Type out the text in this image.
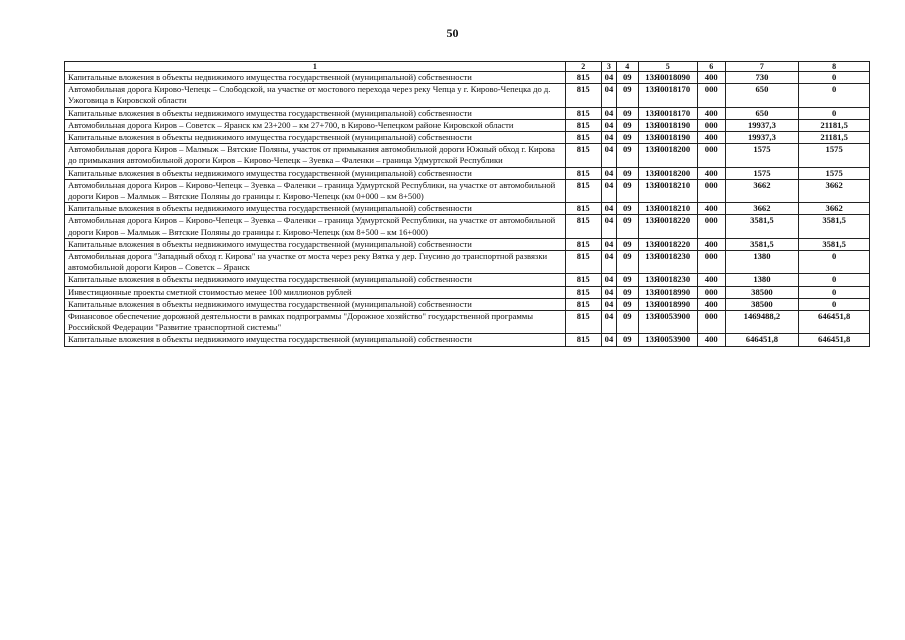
50
1	2	3	4	5	6	7	8
Капитальные вложения в объекты недвижимого имущества государственной (муниципальной) собственности	815	04	09	13Я0018090	400	730	0
Автомобильная дорога Кирово-Чепецк – Слободской, на участке от мостового перехода через реку Чепца у г. Кирово-Чепецка до д. Ужоговица в Кировской области	815	04	09	13Я0018170	000	650	0
Капитальные вложения в объекты недвижимого имущества государственной (муниципальной) собственности	815	04	09	13Я0018170	400	650	0
Автомобильная дорога Киров – Советск – Яранск км 23+200 – км 27+700, в Кирово-Чепецком районе Кировской области	815	04	09	13Я0018190	000	19937,3	21181,5
Капитальные вложения в объекты недвижимого имущества государственной (муниципальной) собственности	815	04	09	13Я0018190	400	19937,3	21181,5
Автомобильная дорога Киров – Малмыж – Вятские Поляны, участок от примыкания автомобильной дороги Южный обход г. Кирова до примыкания автомобильной дороги Киров – Кирово-Чепецк – Зуевка – Фаленки – граница Удмуртской Республики	815	04	09	13Я0018200	000	1575	1575
Капитальные вложения в объекты недвижимого имущества государственной (муниципальной) собственности	815	04	09	13Я0018200	400	1575	1575
Автомобильная дорога Киров – Кирово-Чепецк – Зуевка – Фаленки – граница Удмуртской Республики, на участке от автомобильной дороги Киров – Малмыж – Вятские Поляны до границы г. Кирово-Чепецк (км 0+000 – км 8+500)	815	04	09	13Я0018210	000	3662	3662
Капитальные вложения в объекты недвижимого имущества государственной (муниципальной) собственности	815	04	09	13Я0018210	400	3662	3662
Автомобильная дорога Киров – Кирово-Чепецк – Зуевка – Фаленки – граница Удмуртской Республики, на участке от автомобильной дороги Киров – Малмыж – Вятские Поляны до границы г. Кирово-Чепецк (км 8+500 – км 16+000)	815	04	09	13Я0018220	000	3581,5	3581,5
Капитальные вложения в объекты недвижимого имущества государственной (муниципальной) собственности	815	04	09	13Я0018220	400	3581,5	3581,5
Автомобильная дорога "Западный обход г. Кирова" на участке от моста через реку Вятка у дер. Гнусино до транспортной развязки автомобильной дороги Киров – Советск – Яранск	815	04	09	13Я0018230	000	1380	0
Капитальные вложения в объекты недвижимого имущества государственной (муниципальной) собственности	815	04	09	13Я0018230	400	1380	0
Инвестиционные проекты сметной стоимостью менее 100 миллионов рублей	815	04	09	13Я0018990	000	38500	0
Капитальные вложения в объекты недвижимого имущества государственной (муниципальной) собственности	815	04	09	13Я0018990	400	38500	0
Финансовое обеспечение дорожной деятельности в рамках подпрограммы "Дорожное хозяйство" государственной программы Российской Федерации "Развитие транспортной системы"	815	04	09	13Я0053900	000	1469488,2	646451,8
Капитальные вложения в объекты недвижимого имущества государственной (муниципальной) собственности	815	04	09	13Я0053900	400	646451,8	646451,8
